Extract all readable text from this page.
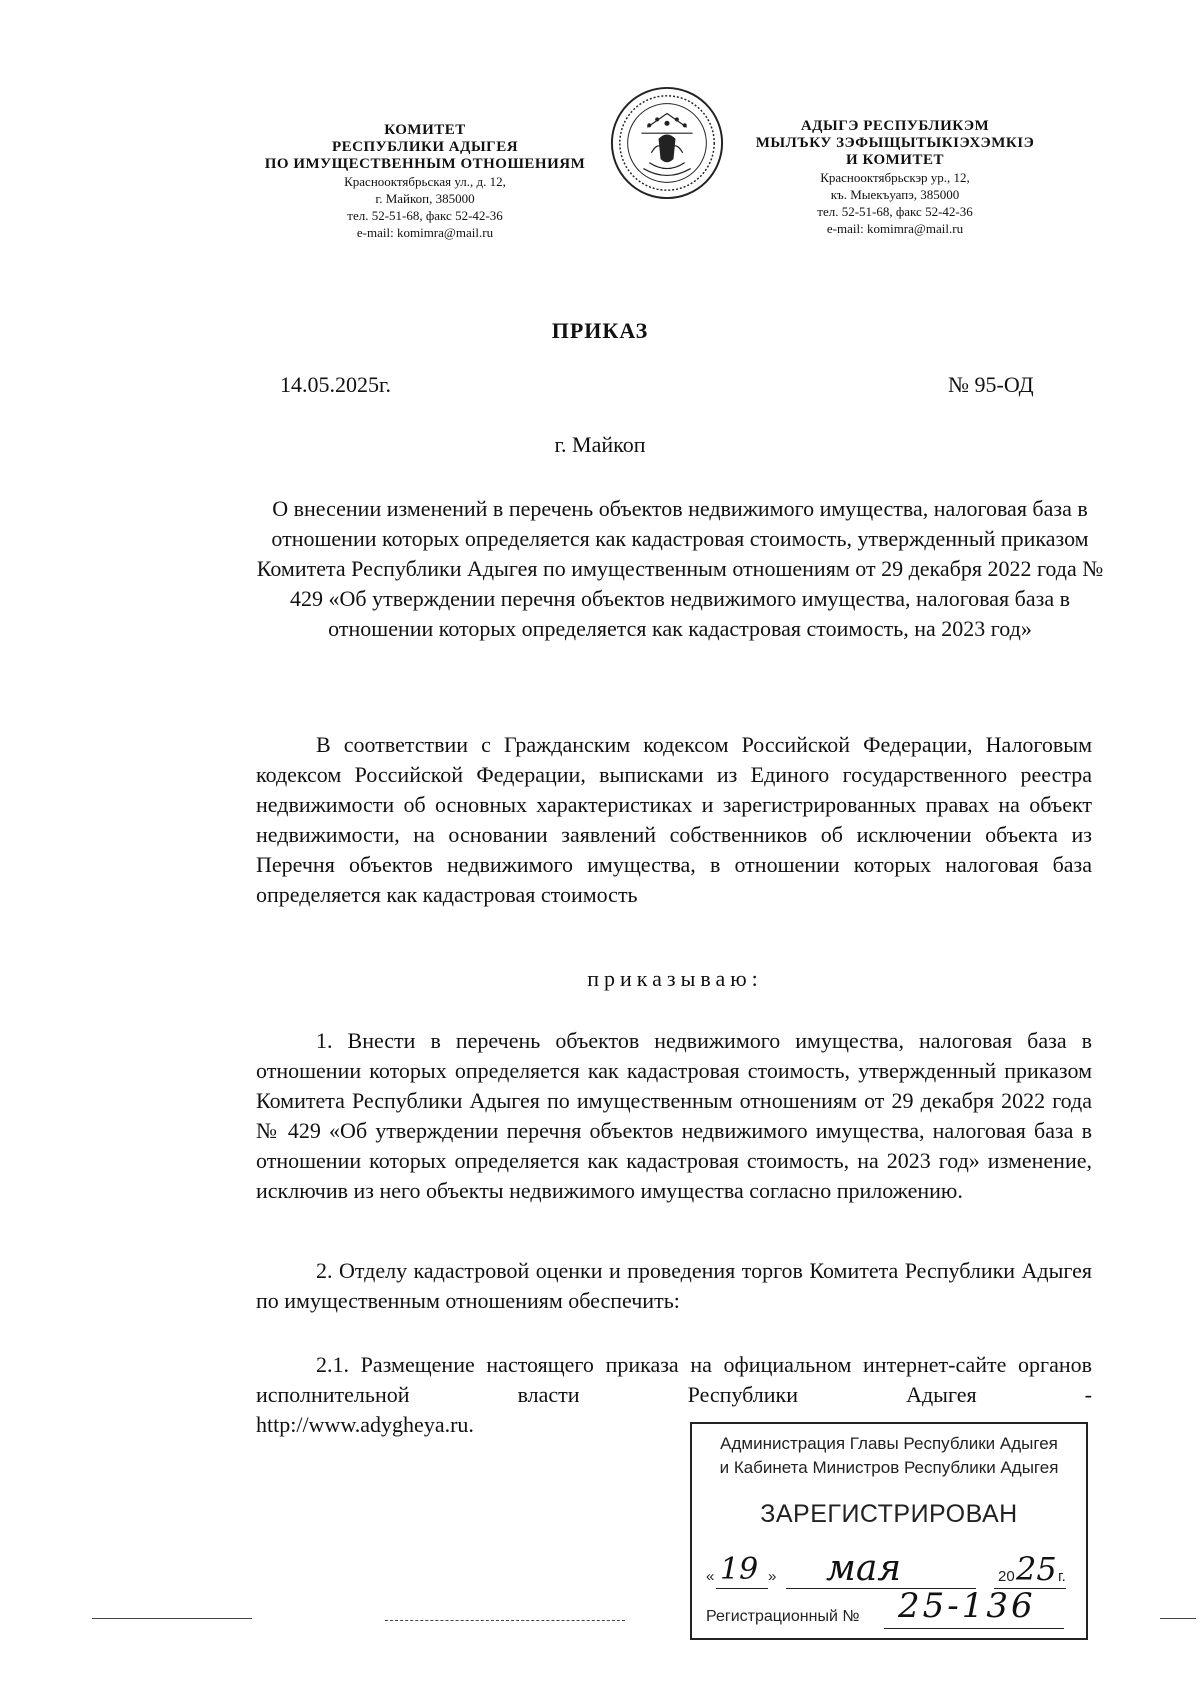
КОМИТЕТ
РЕСПУБЛИКИ АДЫГЕЯ
ПО ИМУЩЕСТВЕННЫМ ОТНОШЕНИЯМ
Краснооктябрьская ул., д. 12,
г. Майкоп, 385000
тел. 52-51-68, факс 52-42-36
e-mail: komimra@mail.ru
АДЫГЭ РЕСПУБЛИКЭМ
МЫЛЪКУ ЗЭФЫЩЫТЫКIЭХЭМКIЭ
И КОМИТЕТ
Краснооктябрьскэр ур., 12,
къ. Мыекъуапэ, 385000
тел. 52-51-68, факс 52-42-36
e-mail: komimra@mail.ru
ПРИКАЗ
14.05.2025г.	№ 95-ОД
г. Майкоп
О внесении изменений в перечень объектов недвижимого имущества, налоговая база в отношении которых определяется как кадастровая стоимость, утвержденный приказом Комитета Республики Адыгея по имущественным отношениям от 29 декабря 2022 года № 429 «Об утверждении перечня объектов недвижимого имущества, налоговая база в отношении которых определяется как кадастровая стоимость, на 2023 год»
В соответствии с Гражданским кодексом Российской Федерации, Налоговым кодексом Российской Федерации, выписками из Единого государственного реестра недвижимости об основных характеристиках и зарегистрированных правах на объект недвижимости, на основании заявлений собственников об исключении объекта из Перечня объектов недвижимого имущества, в отношении которых налоговая база определяется как кадастровая стоимость
приказываю:
1. Внести в перечень объектов недвижимого имущества, налоговая база в отношении которых определяется как кадастровая стоимость, утвержденный приказом Комитета Республики Адыгея по имущественным отношениям от 29 декабря 2022 года № 429 «Об утверждении перечня объектов недвижимого имущества, налоговая база в отношении которых определяется как кадастровая стоимость, на 2023 год» изменение, исключив из него объекты недвижимого имущества согласно приложению.
2. Отделу кадастровой оценки и проведения торгов Комитета Республики Адыгея по имущественным отношениям обеспечить:
2.1. Размещение настоящего приказа на официальном интернет-сайте органов исполнительной власти Республики Адыгея -
http://www.adygheya.ru.
Администрация Главы Республики Адыгея
и Кабинета Министров Республики Адыгея
ЗАРЕГИСТРИРОВАН
« 19 » мая	20 25 г.
Регистрационный № 25-136
